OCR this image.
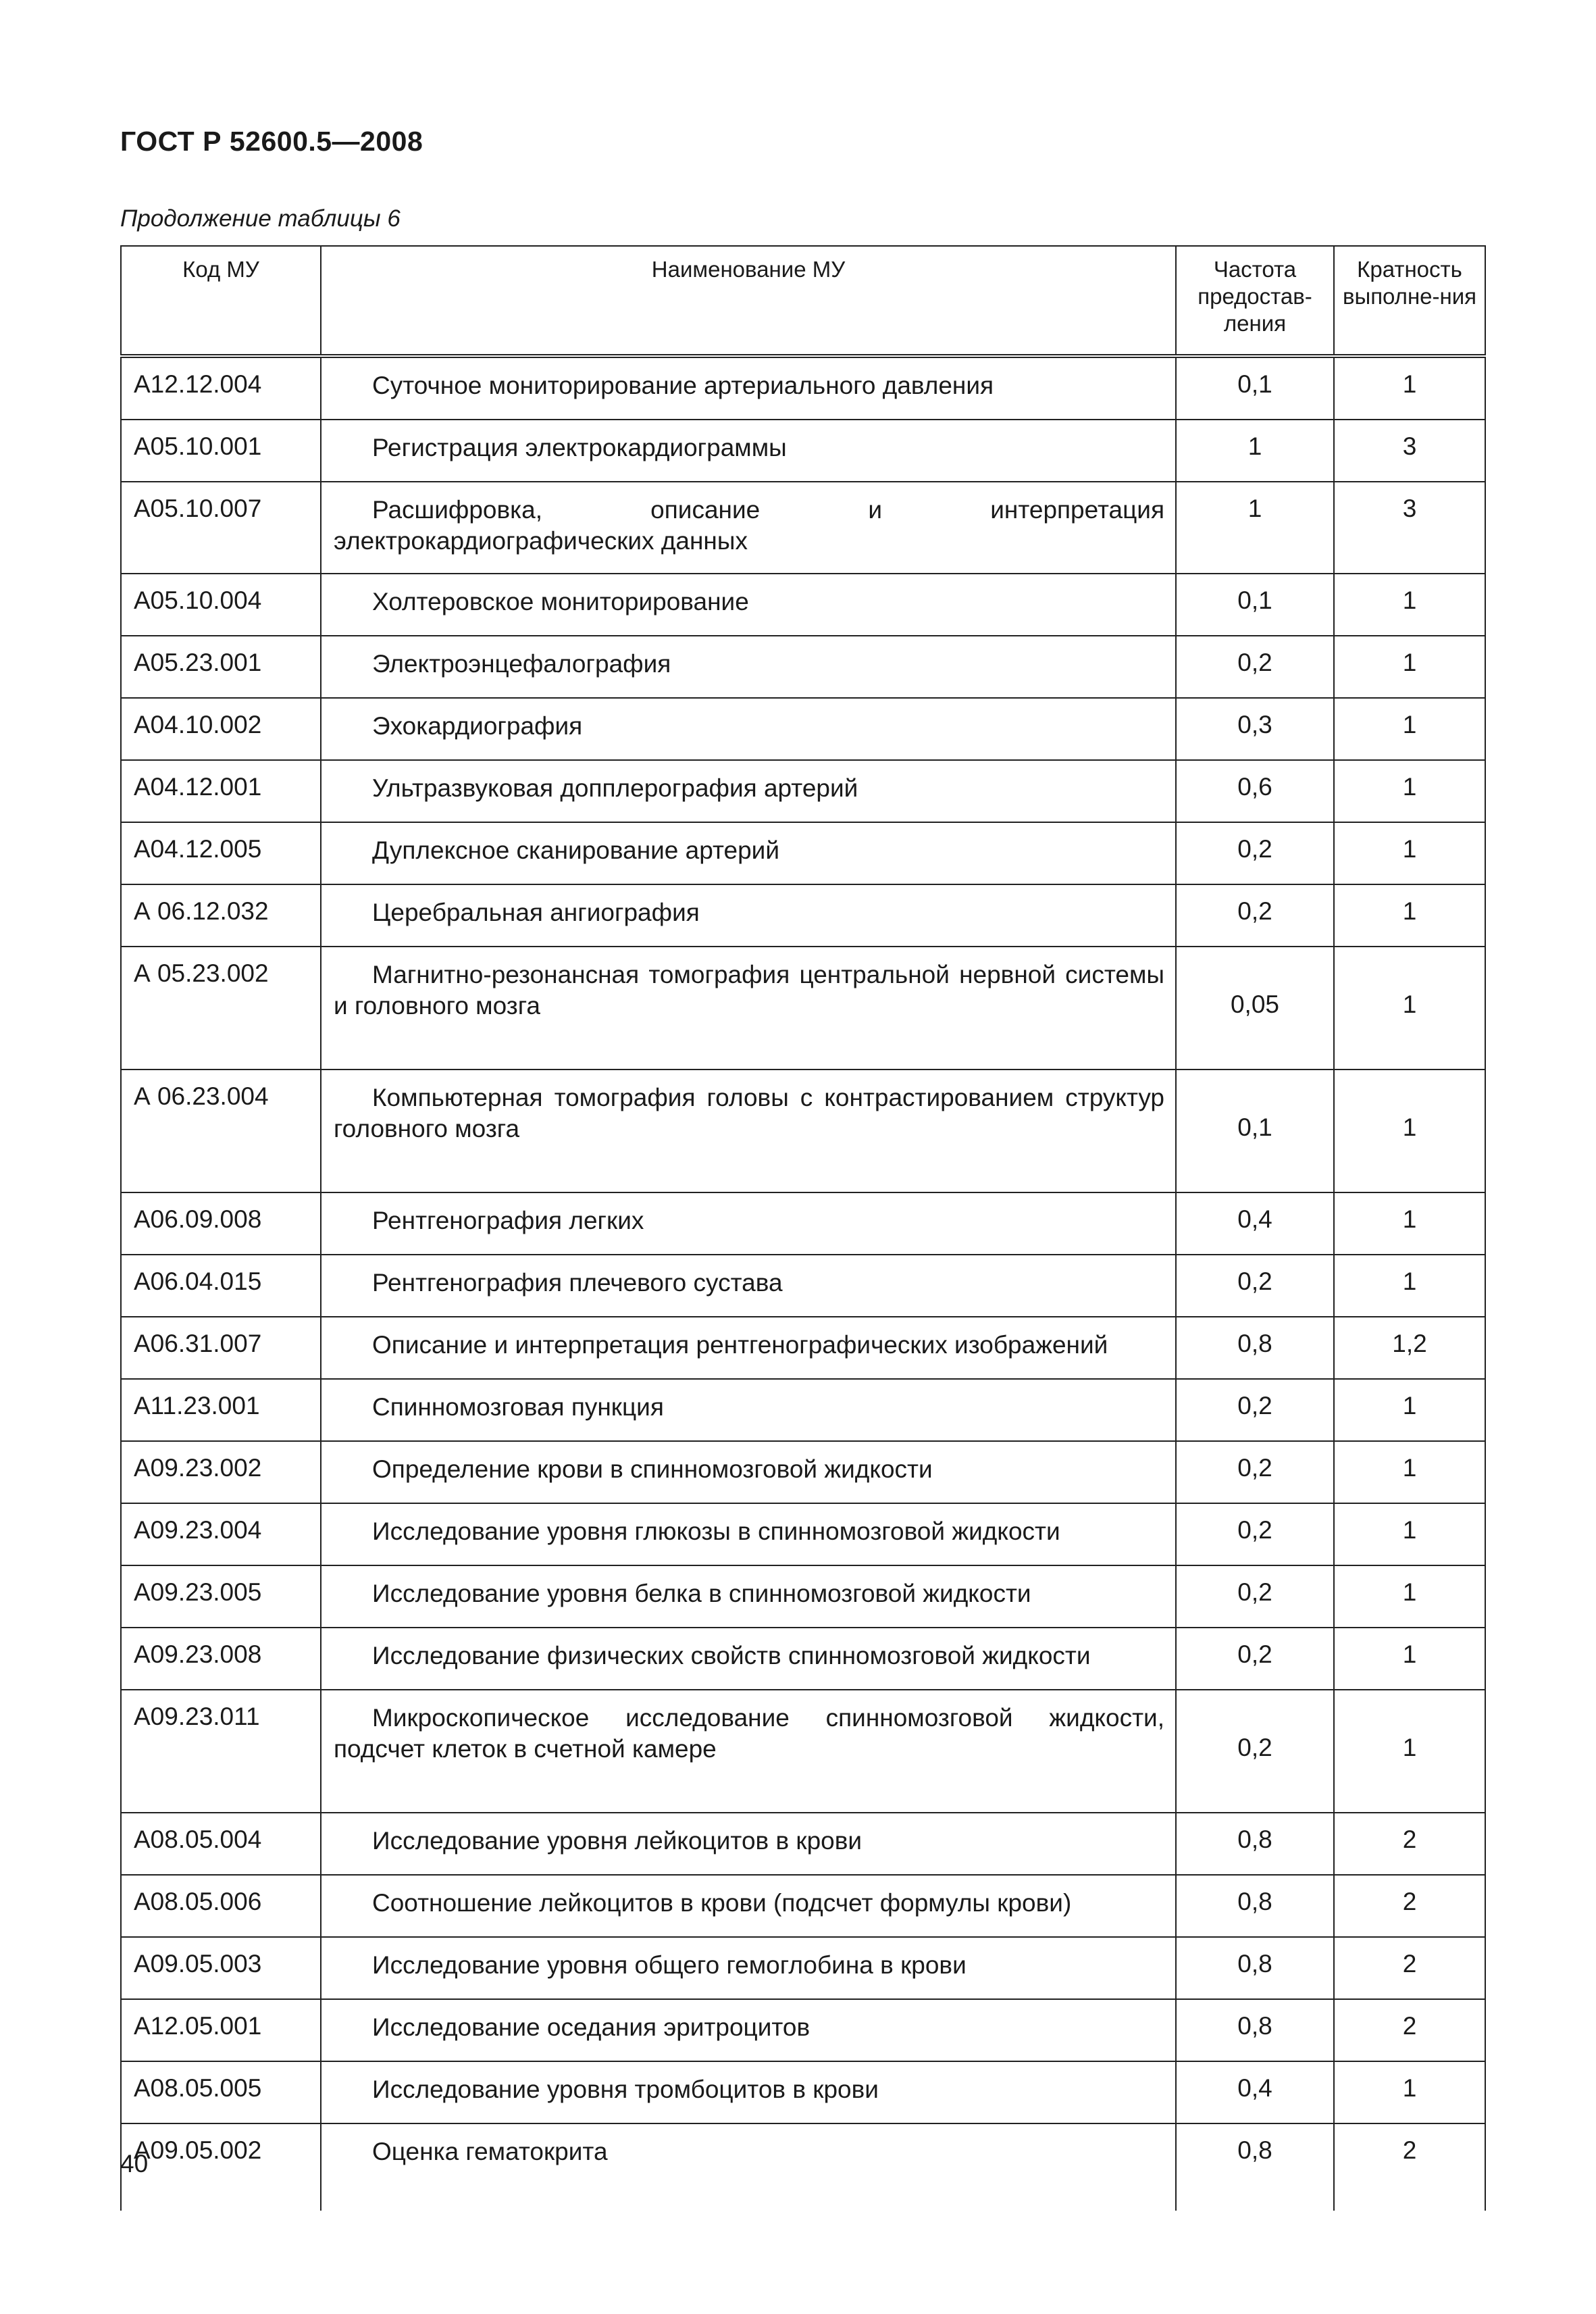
ГОСТ Р 52600.5—2008
Продолжение таблицы 6
Код МУ	Наименование МУ	Частота предостав-ления	Кратность выполне-ния
A12.12.004	Суточное мониторирование артериального давления	0,1	1
A05.10.001	Регистрация электрокардиограммы	1	3
A05.10.007	Расшифровка, описание и интерпретация электрокардиографических данных	1	3
A05.10.004	Холтеровское мониторирование	0,1	1
A05.23.001	Электроэнцефалография	0,2	1
A04.10.002	Эхокардиография	0,3	1
A04.12.001	Ультразвуковая допплерография артерий	0,6	1
A04.12.005	Дуплексное сканирование артерий	0,2	1
А 06.12.032	Церебральная ангиография	0,2	1
А 05.23.002	Магнитно-резонансная томография центральной нервной системы и головного мозга	0,05	1
А 06.23.004	Компьютерная томография головы с контрастированием структур головного мозга	0,1	1
A06.09.008	Рентгенография легких	0,4	1
A06.04.015	Рентгенография плечевого сустава	0,2	1
A06.31.007	Описание и интерпретация рентгенографических изображений	0,8	1,2
A11.23.001	Спинномозговая пункция	0,2	1
A09.23.002	Определение крови в спинномозговой жидкости	0,2	1
A09.23.004	Исследование уровня глюкозы в спинномозговой жидкости	0,2	1
A09.23.005	Исследование уровня белка в спинномозговой жидкости	0,2	1
A09.23.008	Исследование физических свойств спинномозговой жидкости	0,2	1
A09.23.011	Микроскопическое исследование спинномозговой жидкости, подсчет клеток в счетной камере	0,2	1
A08.05.004	Исследование уровня лейкоцитов в крови	0,8	2
A08.05.006	Соотношение лейкоцитов в крови (подсчет формулы крови)	0,8	2
A09.05.003	Исследование уровня общего гемоглобина в крови	0,8	2
A12.05.001	Исследование оседания эритроцитов	0,8	2
A08.05.005	Исследование уровня тромбоцитов в крови	0,4	1
A09.05.002	Оценка гематокрита	0,8	2
40
